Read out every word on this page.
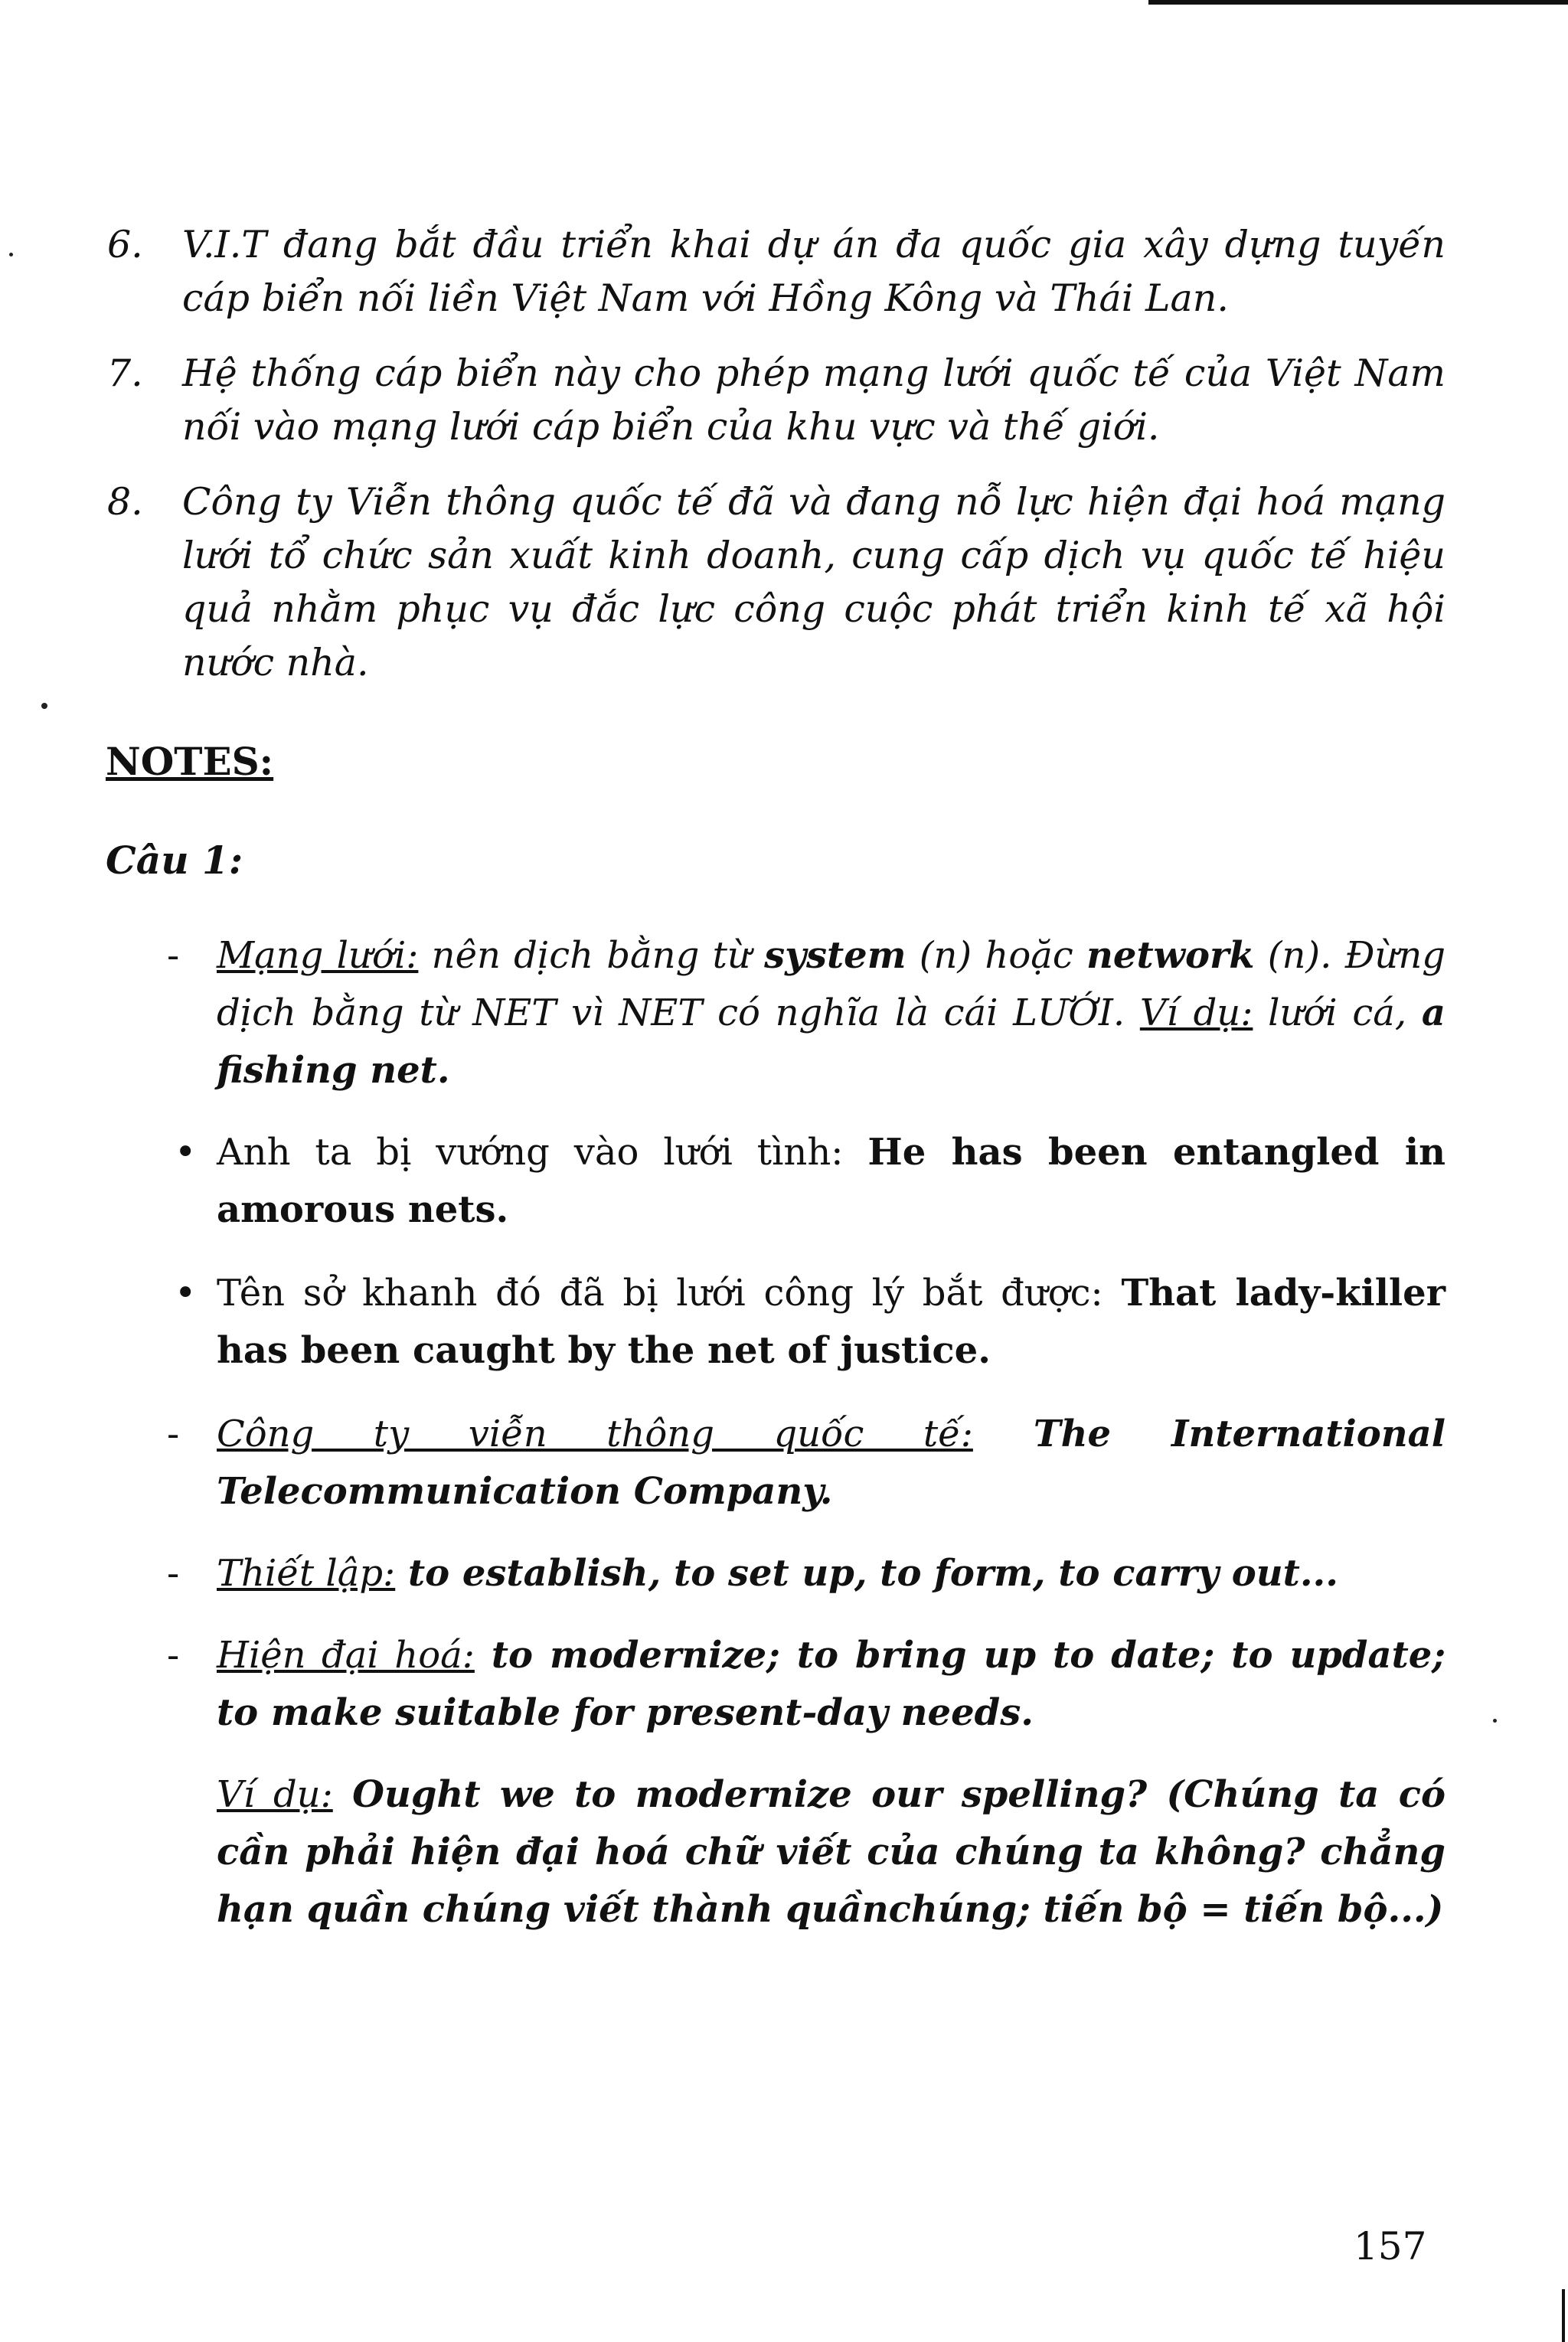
6. V.I.T đang bắt đầu triển khai dự án đa quốc gia xây dựng tuyến cáp biển nối liền Việt Nam với Hồng Kông và Thái Lan.
7. Hệ thống cáp biển này cho phép mạng lưới quốc tế của Việt Nam nối vào mạng lưới cáp biển của khu vực và thế giới.
8. Công ty Viễn thông quốc tế đã và đang nỗ lực hiện đại hoá mạng lưới tổ chức sản xuất kinh doanh, cung cấp dịch vụ quốc tế hiệu quả nhằm phục vụ đắc lực công cuộc phát triển kinh tế xã hội nước nhà.
NOTES:
Câu 1:
- Mạng lưới: nên dịch bằng từ system (n) hoặc network (n). Đừng dịch bằng từ NET vì NET có nghĩa là cái LƯỚI. Ví dụ: lưới cá, a fishing net.
• Anh ta bị vướng vào lưới tình: He has been entangled in amorous nets.
• Tên sở khanh đó đã bị lưới công lý bắt được: That lady-killer has been caught by the net of justice.
- Công ty viễn thông quốc tế: The International Telecommunication Company.
- Thiết lập: to establish, to set up, to form, to carry out...
- Hiện đại hoá: to modernize; to bring up to date; to update; to make suitable for present-day needs.
Ví dụ: Ought we to modernize our spelling? (Chúng ta có cần phải hiện đại hoá chữ viết của chúng ta không? chẳng hạn quần chúng viết thành quầnchúng; tiến bộ = tiến bộ...)
157
